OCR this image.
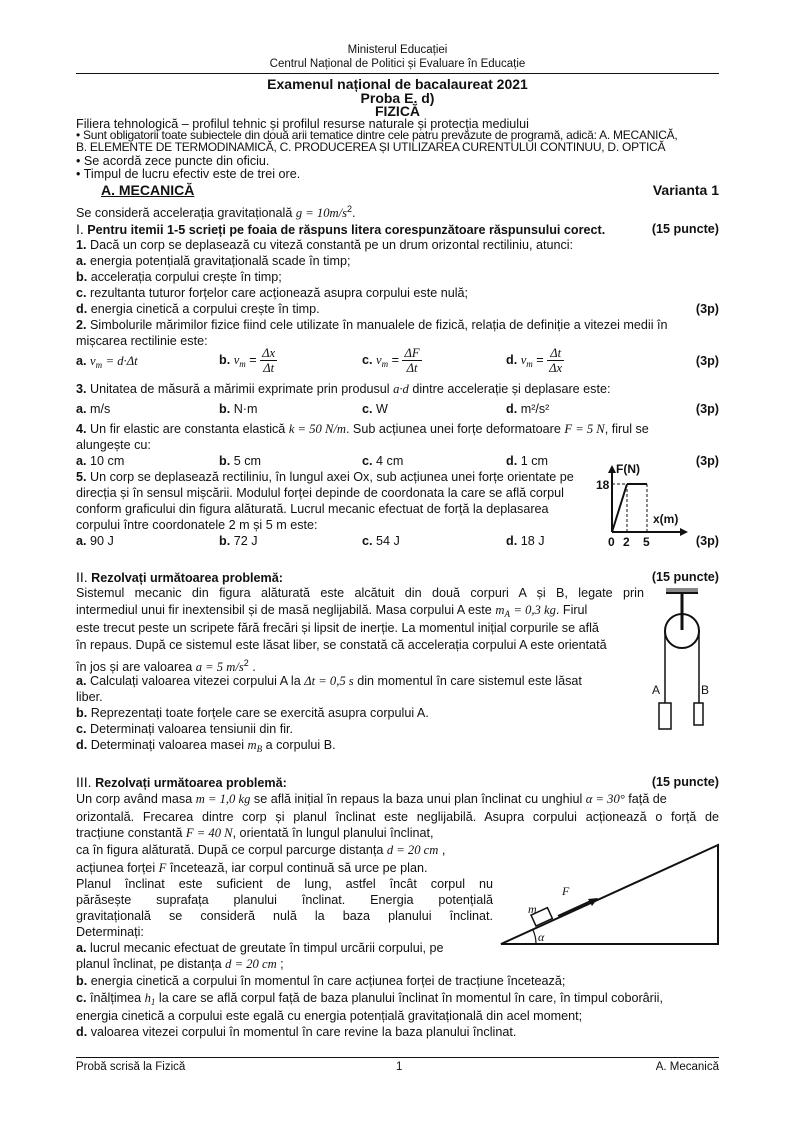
Ministerul Educației
Centrul Național de Politici și Evaluare în Educație
Examenul național de bacalaureat 2021
Proba E. d)
FIZICĂ
Filiera tehnologică – profilul tehnic și profilul resurse naturale și protecția mediului
• Sunt obligatorii toate subiectele din două arii tematice dintre cele patru prevăzute de programă, adică: A. MECANICĂ,
B. ELEMENTE DE TERMODINAMICĂ, C. PRODUCEREA ȘI UTILIZAREA CURENTULUI CONTINUU, D. OPTICĂ
• Se acordă zece puncte din oficiu.
• Timpul de lucru efectiv este de trei ore.
A. MECANICĂ	Varianta 1
Se consideră accelerația gravitațională $g = 10m/s^2$.
I. Pentru itemii 1-5 scrieți pe foaia de răspuns litera corespunzătoare răspunsului corect.	(15 puncte)
1. Dacă un corp se deplasează cu viteză constantă pe un drum orizontal rectiliniu, atunci:
a. energia potențială gravitațională scade în timp;
b. accelerația corpului crește în timp;
c. rezultanta tuturor forțelor care acționează asupra corpului este nulă;
d. energia cinetică a corpului crește în timp.	(3p)
2. Simbolurile mărimilor fizice fiind cele utilizate în manualele de fizică, relația de definiție a vitezei medii în
mișcarea rectilinie este:
a. $v_m = d\cdot\Delta t$	b. $v_m = \frac{\Delta x}{\Delta t}$	c. $v_m = \frac{\Delta F}{\Delta t}$	d. $v_m = \frac{\Delta t}{\Delta x}$	(3p)
3. Unitatea de măsură a mărimii exprimate prin produsul a·d dintre accelerație și deplasare este:
a. m/s	b. N·m	c. W	d. m²/s²	(3p)
4. Un fir elastic are constanta elastică k = 50 N/m. Sub acțiunea unei forțe deformatoare F = 5 N, firul se
alungește cu:
a. 10 cm	b. 5 cm	c. 4 cm	d. 1 cm	(3p)
5. Un corp se deplasează rectiliniu, în lungul axei Ox, sub acțiunea unei forțe orientate pe
direcția și în sensul mișcării. Modulul forței depinde de coordonata la care se află corpul
conform graficului din figura alăturată. Lucrul mecanic efectuat de forță la deplasarea
corpului între coordonatele 2 m și 5 m este:
a. 90 J	b. 72 J	c. 54 J	d. 18 J	(3p)
F(N)
18
x(m)
0 2 5
II. Rezolvați următoarea problemă:	(15 puncte)
Sistemul mecanic din figura alăturată este alcătuit din două corpuri A și B, legate prin
intermediul unui fir inextensibil și de masă neglijabilă. Masa corpului A este $m_A = 0,3$ kg. Firul
este trecut peste un scripete fără frecări și lipsit de inerție. La momentul inițial corpurile se află
în repaus. După ce sistemul este lăsat liber, se constată că accelerația corpului A este orientată
în jos și are valoarea a = 5 $m/s^2$ .
a. Calculați valoarea vitezei corpului A la Δt = 0,5 s din momentul în care sistemul este lăsat
liber.
b. Reprezentați toate forțele care se exercită asupra corpului A.
c. Determinați valoarea tensiunii din fir.
d. Determinați valoarea masei $m_B$ a corpului B.
A	B
III. Rezolvați următoarea problemă:	(15 puncte)
Un corp având masa m = 1,0 kg se află inițial în repaus la baza unui plan înclinat cu unghiul α = 30° față de
orizontală. Frecarea dintre corp și planul înclinat este neglijabilă. Asupra corpului acționează o forță de
tracțiune constantă F = 40 N, orientată în lungul planului înclinat,
ca în figura alăturată. După ce corpul parcurge distanța d = 20 cm ,
acțiunea forței F încetează, iar corpul continuă să urce pe plan.
Planul înclinat este suficient de lung, astfel încât corpul nu
părăsește suprafața planului înclinat. Energia potențială
gravitațională se consideră nulă la baza planului înclinat.
Determinați:
a. lucrul mecanic efectuat de greutate în timpul urcării corpului, pe
planul înclinat, pe distanța d = 20 cm ;
b. energia cinetică a corpului în momentul în care acțiunea forței de tracțiune încetează;
c. înălțimea $h_1$ la care se află corpul față de baza planului înclinat în momentul în care, în timpul coborârii,
energia cinetică a corpului este egală cu energia potențială gravitațională din acel moment;
d. valoarea vitezei corpului în momentul în care revine la baza planului înclinat.
m
F
α
Probă scrisă la Fizică	1	A. Mecanică
